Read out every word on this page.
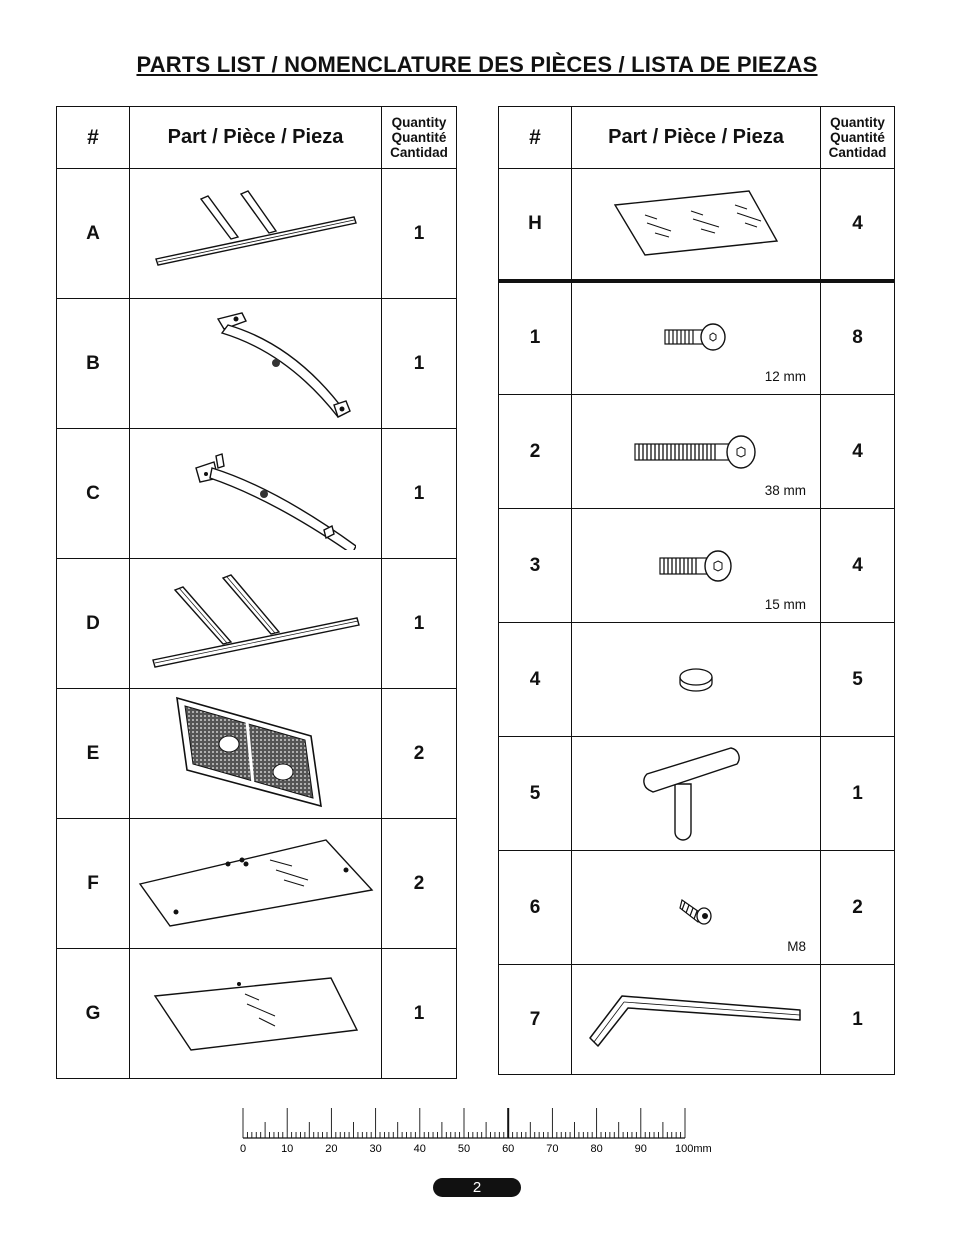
PARTS LIST / NOMENCLATURE DES PIÈCES / LISTA DE PIEZAS
#	Part / Pièce / Pieza	Quantity
Quantité
Cantidad

A		1
B		1
C		1
D		1
E		2
F		2
G		1
#	Part / Pièce / Pieza	Quantity
Quantité
Cantidad

H		4
1	12 mm	8
2	38 mm	4
3	15 mm	4
4		5
5		1
6	M8	2
7		1
0	10	20	30	40	50	60	70	80	90	100mm
2
